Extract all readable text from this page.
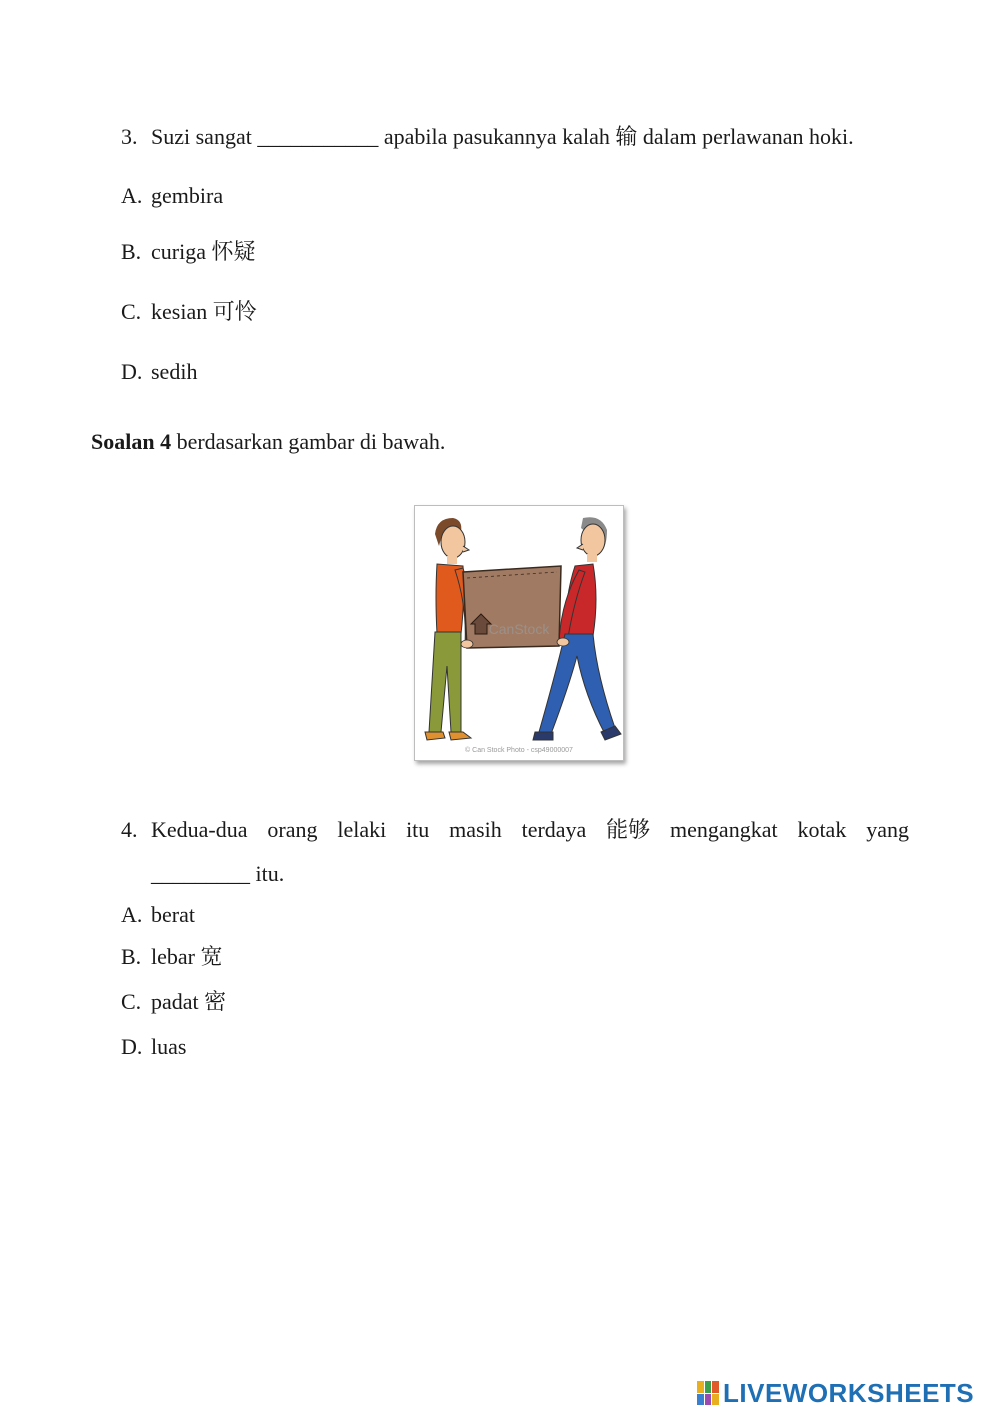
3. Suzi sangat ___________ apabila pasukannya kalah 输 dalam perlawanan hoki.
A. gembira
B. curiga 怀疑
C. kesian 可怜
D. sedih
Soalan 4 berdasarkan gambar di bawah.
CanStock
© Can Stock Photo - csp49000007
4. Kedua-dua orang lelaki itu masih terdaya 能够 mengangkat kotak yang
_________ itu.
A. berat
B. lebar 宽
C. padat 密
D. luas
LIVEWORKSHEETS
